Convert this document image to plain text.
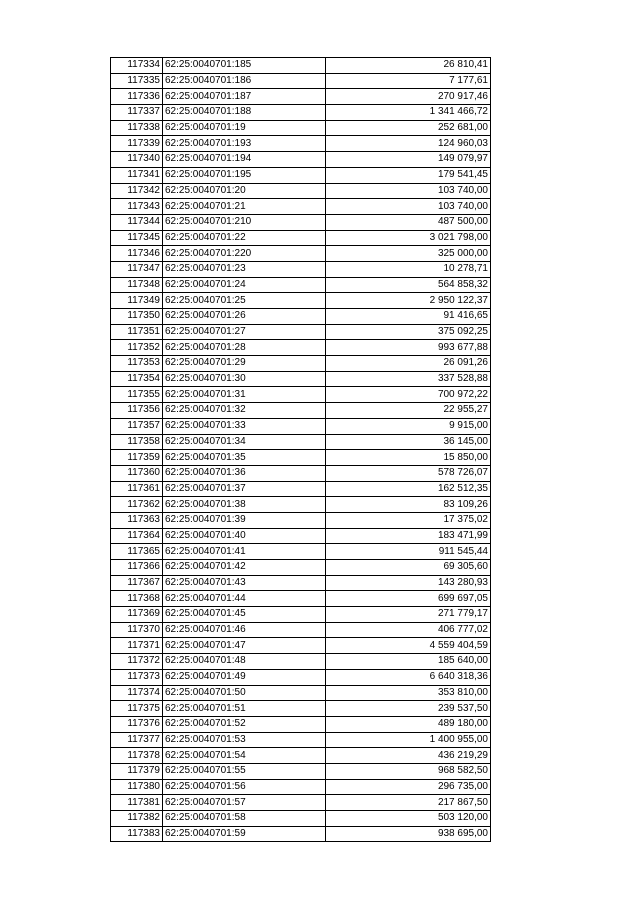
117334	62:25:0040701:185	26 810,41
117335	62:25:0040701:186	7 177,61
117336	62:25:0040701:187	270 917,46
117337	62:25:0040701:188	1 341 466,72
117338	62:25:0040701:19	252 681,00
117339	62:25:0040701:193	124 960,03
117340	62:25:0040701:194	149 079,97
117341	62:25:0040701:195	179 541,45
117342	62:25:0040701:20	103 740,00
117343	62:25:0040701:21	103 740,00
117344	62:25:0040701:210	487 500,00
117345	62:25:0040701:22	3 021 798,00
117346	62:25:0040701:220	325 000,00
117347	62:25:0040701:23	10 278,71
117348	62:25:0040701:24	564 858,32
117349	62:25:0040701:25	2 950 122,37
117350	62:25:0040701:26	91 416,65
117351	62:25:0040701:27	375 092,25
117352	62:25:0040701:28	993 677,88
117353	62:25:0040701:29	26 091,26
117354	62:25:0040701:30	337 528,88
117355	62:25:0040701:31	700 972,22
117356	62:25:0040701:32	22 955,27
117357	62:25:0040701:33	9 915,00
117358	62:25:0040701:34	36 145,00
117359	62:25:0040701:35	15 850,00
117360	62:25:0040701:36	578 726,07
117361	62:25:0040701:37	162 512,35
117362	62:25:0040701:38	83 109,26
117363	62:25:0040701:39	17 375,02
117364	62:25:0040701:40	183 471,99
117365	62:25:0040701:41	911 545,44
117366	62:25:0040701:42	69 305,60
117367	62:25:0040701:43	143 280,93
117368	62:25:0040701:44	699 697,05
117369	62:25:0040701:45	271 779,17
117370	62:25:0040701:46	406 777,02
117371	62:25:0040701:47	4 559 404,59
117372	62:25:0040701:48	185 640,00
117373	62:25:0040701:49	6 640 318,36
117374	62:25:0040701:50	353 810,00
117375	62:25:0040701:51	239 537,50
117376	62:25:0040701:52	489 180,00
117377	62:25:0040701:53	1 400 955,00
117378	62:25:0040701:54	436 219,29
117379	62:25:0040701:55	968 582,50
117380	62:25:0040701:56	296 735,00
117381	62:25:0040701:57	217 867,50
117382	62:25:0040701:58	503 120,00
117383	62:25:0040701:59	938 695,00
